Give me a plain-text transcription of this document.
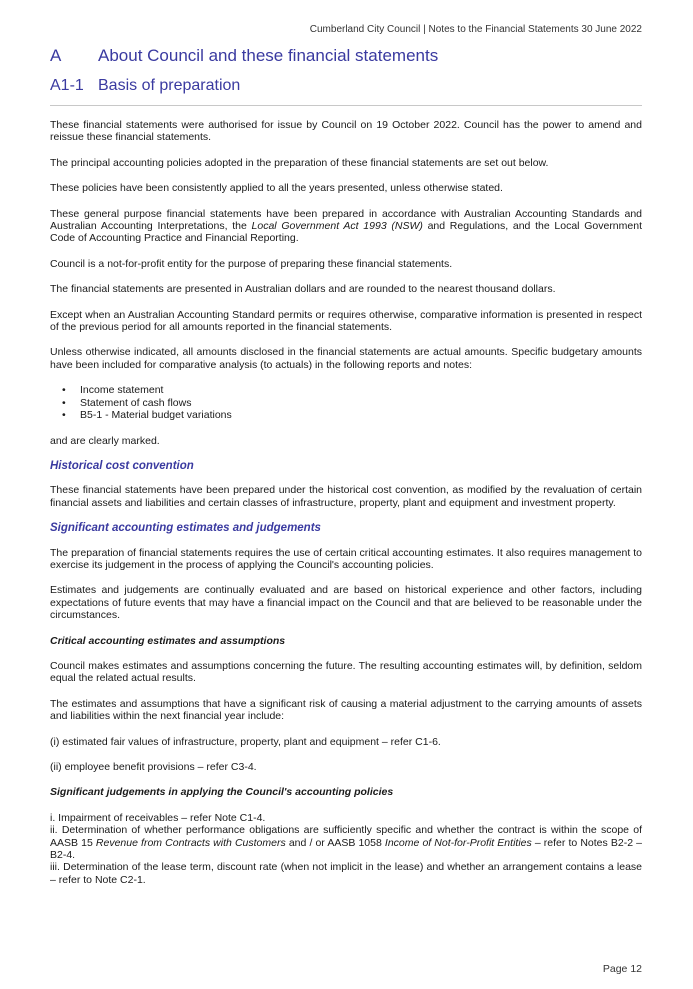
Cumberland City Council | Notes to the Financial Statements 30 June 2022
A	About Council and these financial statements
A1-1 Basis of preparation

These financial statements were authorised for issue by Council on 19 October 2022. Council has the power to amend and reissue these financial statements.

The principal accounting policies adopted in the preparation of these financial statements are set out below.

These policies have been consistently applied to all the years presented, unless otherwise stated.

These general purpose financial statements have been prepared in accordance with Australian Accounting Standards and Australian Accounting Interpretations, the Local Government Act 1993 (NSW) and Regulations, and the Local Government Code of Accounting Practice and Financial Reporting.

Council is a not-for-profit entity for the purpose of preparing these financial statements.

The financial statements are presented in Australian dollars and are rounded to the nearest thousand dollars.

Except when an Australian Accounting Standard permits or requires otherwise, comparative information is presented in respect of the previous period for all amounts reported in the financial statements.

Unless otherwise indicated, all amounts disclosed in the financial statements are actual amounts. Specific budgetary amounts have been included for comparative analysis (to actuals) in the following reports and notes:

• Income statement
• Statement of cash flows
• B5-1 - Material budget variations

and are clearly marked.

Historical cost convention

These financial statements have been prepared under the historical cost convention, as modified by the revaluation of certain financial assets and liabilities and certain classes of infrastructure, property, plant and equipment and investment property.

Significant accounting estimates and judgements

The preparation of financial statements requires the use of certain critical accounting estimates. It also requires management to exercise its judgement in the process of applying the Council's accounting policies.

Estimates and judgements are continually evaluated and are based on historical experience and other factors, including expectations of future events that may have a financial impact on the Council and that are believed to be reasonable under the circumstances.

Critical accounting estimates and assumptions

Council makes estimates and assumptions concerning the future. The resulting accounting estimates will, by definition, seldom equal the related actual results.

The estimates and assumptions that have a significant risk of causing a material adjustment to the carrying amounts of assets and liabilities within the next financial year include:

(i) estimated fair values of infrastructure, property, plant and equipment – refer C1-6.

(ii) employee benefit provisions – refer C3-4.

Significant judgements in applying the Council's accounting policies

i. Impairment of receivables – refer Note C1-4.

ii. Determination of whether performance obligations are sufficiently specific and whether the contract is within the scope of AASB 15 Revenue from Contracts with Customers and / or AASB 1058 Income of Not-for-Profit Entities – refer to Notes B2-2 – B2-4.

iii. Determination of the lease term, discount rate (when not implicit in the lease) and whether an arrangement contains a lease – refer to Note C2-1.

Page 12
